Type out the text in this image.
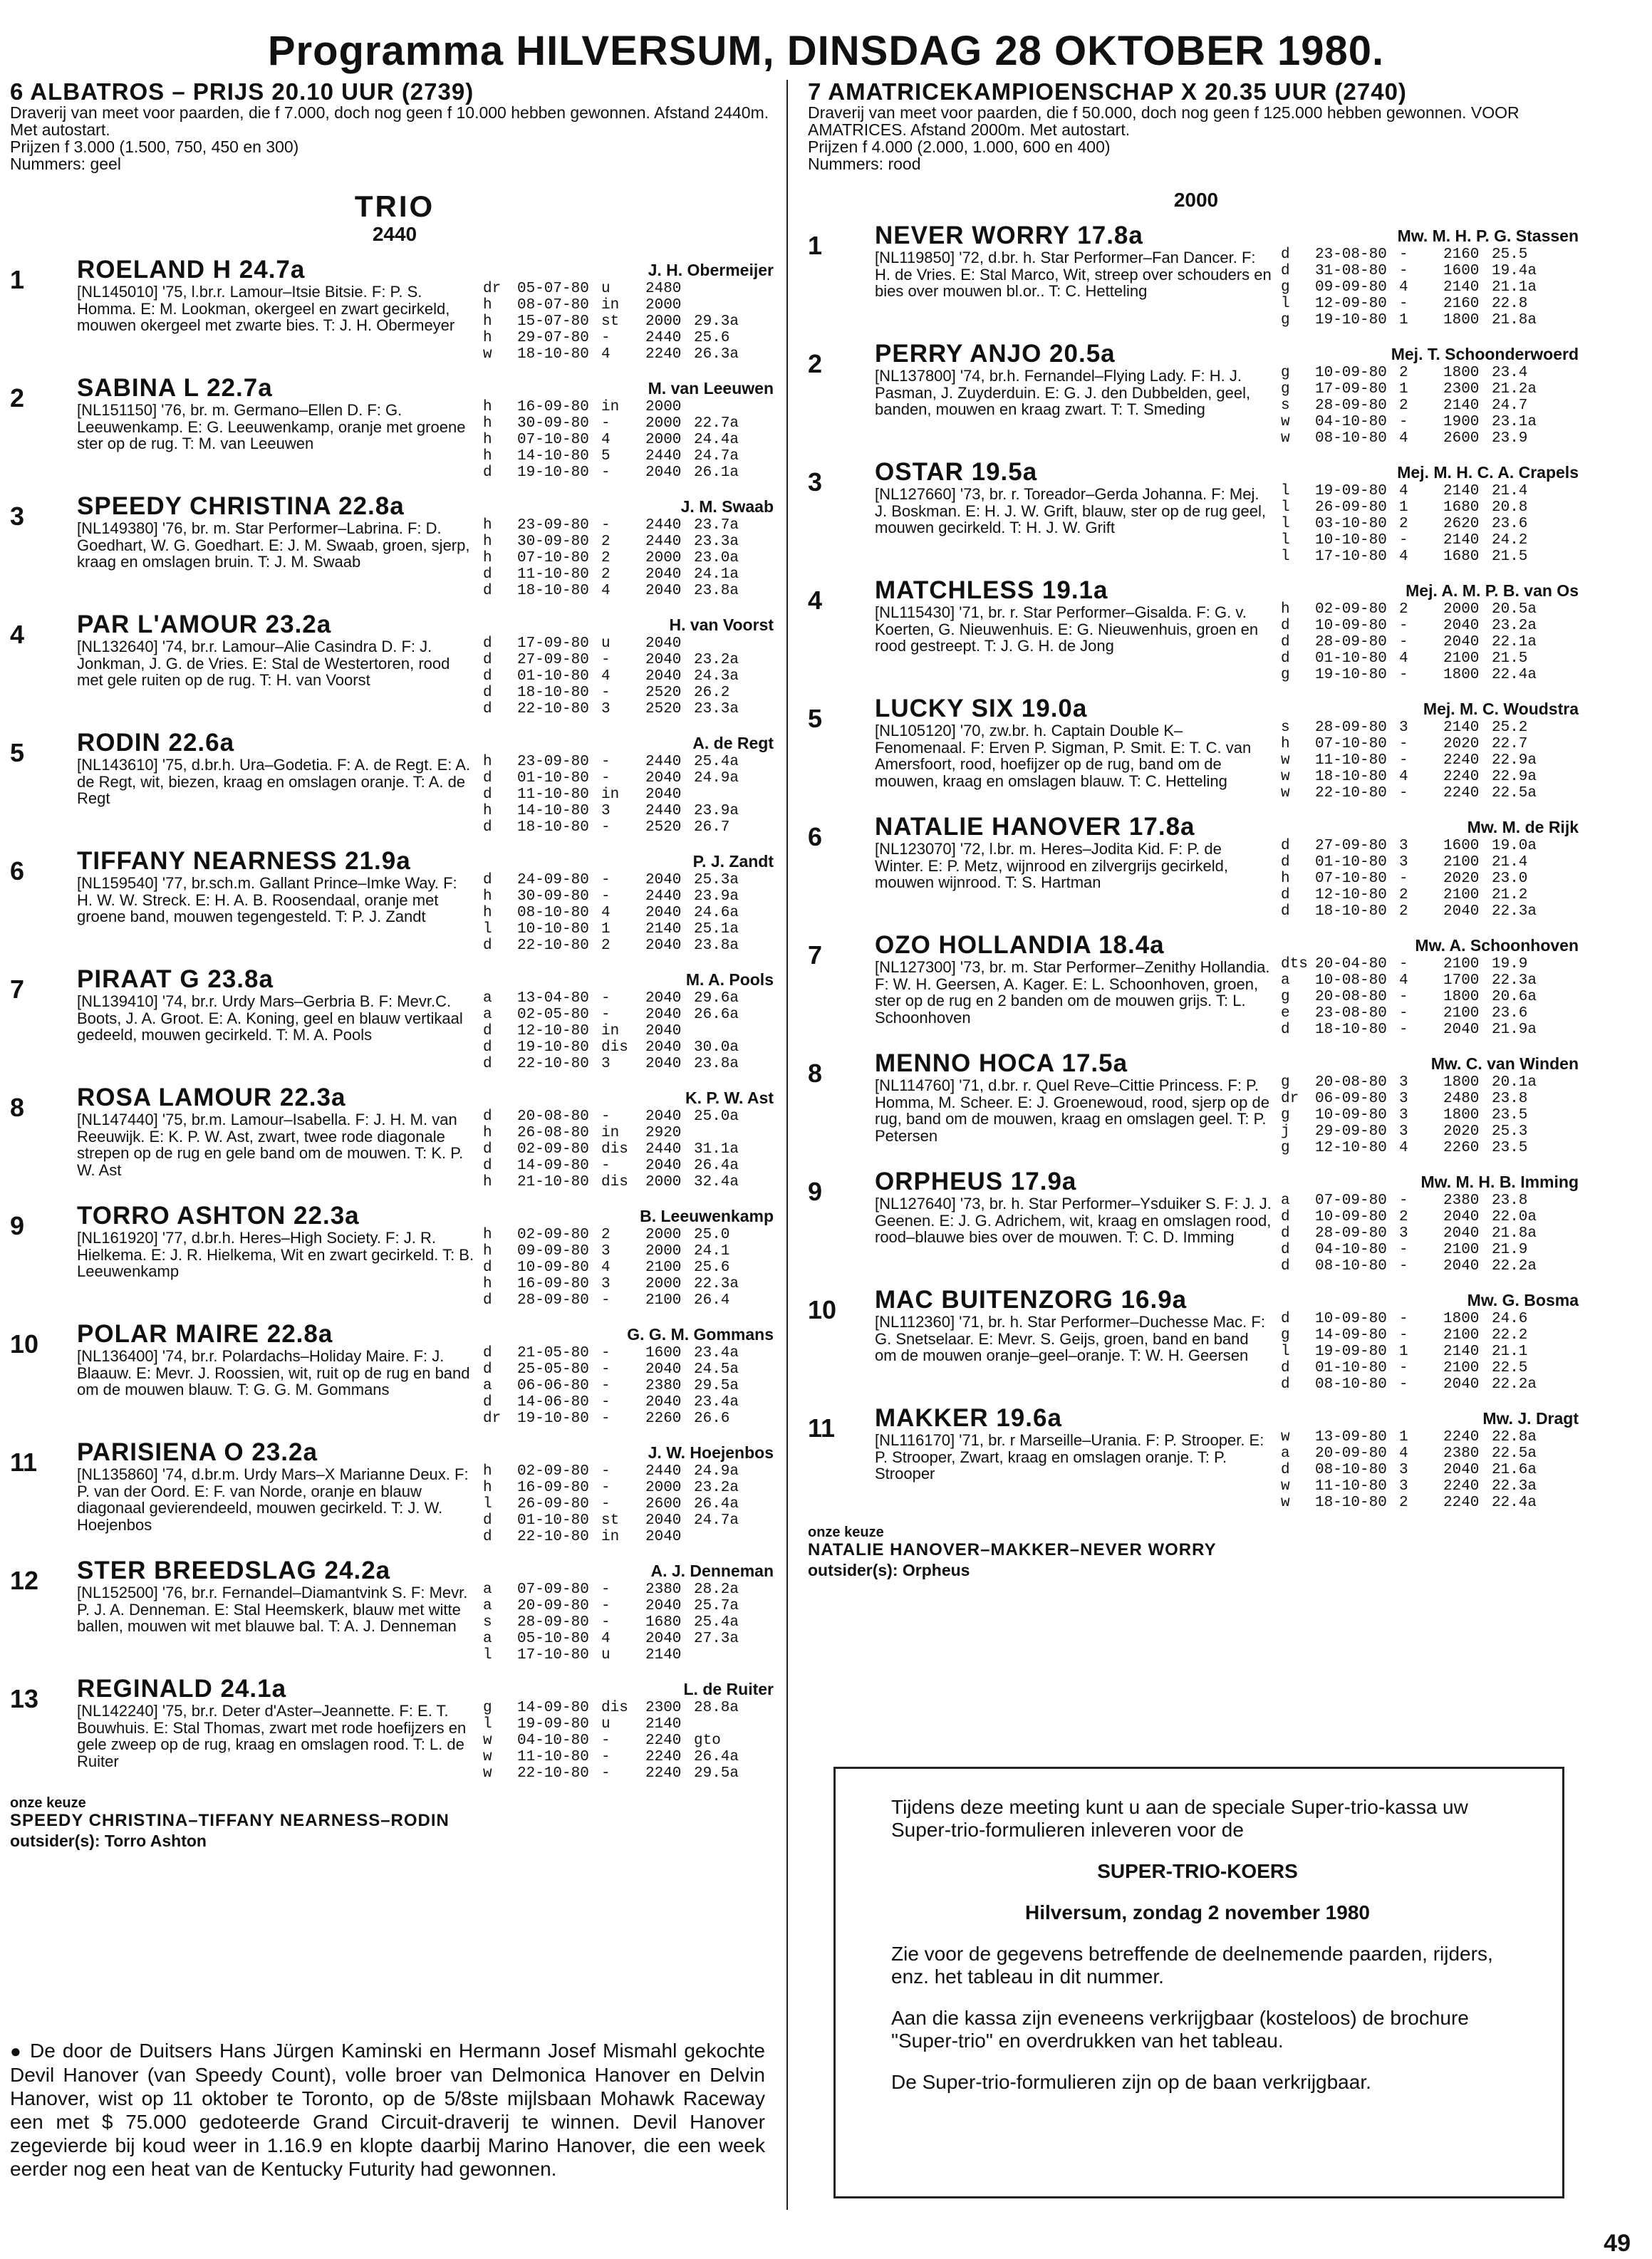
Programma HILVERSUM, DINSDAG 28 OKTOBER 1980.
6 ALBATROS – PRIJS 20.10 UUR (2739)
Draverij van meet voor paarden, die f 7.000, doch nog geen f 10.000 hebben gewonnen. Afstand 2440m. Met autostart.
Prijzen f 3.000 (1.500, 750, 450 en 300)
Nummers: geel
TRIO
2440
1	ROELAND H 24.7a	J. H. Obermeijer
[NL145010] '75, l.br.r. Lamour–Itsie Bitsie. F: P. S. Homma. E: M. Lookman, okergeel en zwart gecirkeld, mouwen okergeel met zwarte bies. T: J. H. Obermeyer
dr 05-07-80 u 2480
h 08-07-80 in 2000
h 15-07-80 st 2000 29.3a
h 29-07-80 - 2440 25.6
w 18-10-80 4 2240 26.3a
2	SABINA L 22.7a	M. van Leeuwen
[NL151150] '76, br. m. Germano–Ellen D. F: G. Leeuwenkamp. E: G. Leeuwenkamp, oranje met groene ster op de rug. T: M. van Leeuwen
h 16-09-80 in 2000
h 30-09-80 - 2000 22.7a
h 07-10-80 4 2000 24.4a
h 14-10-80 5 2440 24.7a
d 19-10-80 - 2040 26.1a
3	SPEEDY CHRISTINA 22.8a	J. M. Swaab
[NL149380] '76, br. m. Star Performer–Labrina. F: D. Goedhart, W. G. Goedhart. E: J. M. Swaab, groen, sjerp, kraag en omslagen bruin. T: J. M. Swaab
h 23-09-80 - 2440 23.7a
h 30-09-80 2 2440 23.3a
h 07-10-80 2 2000 23.0a
d 11-10-80 2 2040 24.1a
d 18-10-80 4 2040 23.8a
4	PAR L'AMOUR 23.2a	H. van Voorst
[NL132640] '74, br.r. Lamour–Alie Casindra D. F: J. Jonkman, J. G. de Vries. E: Stal de Westertoren, rood met gele ruiten op de rug. T: H. van Voorst
d 17-09-80 u 2040
d 27-09-80 - 2040 23.2a
d 01-10-80 4 2040 24.3a
d 18-10-80 - 2520 26.2
d 22-10-80 3 2520 23.3a
5	RODIN 22.6a	A. de Regt
[NL143610] '75, d.br.h. Ura–Godetia. F: A. de Regt. E: A. de Regt, wit, biezen, kraag en omslagen oranje. T: A. de Regt
h 23-09-80 - 2440 25.4a
d 01-10-80 - 2040 24.9a
d 11-10-80 in 2040
h 14-10-80 3 2440 23.9a
d 18-10-80 - 2520 26.7
6	TIFFANY NEARNESS 21.9a	P. J. Zandt
[NL159540] '77, br.sch.m. Gallant Prince–Imke Way. F: H. W. W. Streck. E: H. A. B. Roosendaal, oranje met groene band, mouwen tegengesteld. T: P. J. Zandt
d 24-09-80 - 2040 25.3a
h 30-09-80 - 2440 23.9a
h 08-10-80 4 2040 24.6a
l 10-10-80 1 2140 25.1a
d 22-10-80 2 2040 23.8a
7	PIRAAT G 23.8a	M. A. Pools
[NL139410] '74, br.r. Urdy Mars–Gerbria B. F: Mevr.C. Boots, J. A. Groot. E: A. Koning, geel en blauw vertikaal gedeeld, mouwen gecirkeld. T: M. A. Pools
a 13-04-80 - 2040 29.6a
a 02-05-80 - 2040 26.6a
d 12-10-80 in 2040
d 19-10-80 dis 2040 30.0a
d 22-10-80 3 2040 23.8a
8	ROSA LAMOUR 22.3a	K. P. W. Ast
[NL147440] '75, br.m. Lamour–Isabella. F: J. H. M. van Reeuwijk. E: K. P. W. Ast, zwart, twee rode diagonale strepen op de rug en gele band om de mouwen. T: K. P. W. Ast
d 20-08-80 - 2040 25.0a
h 26-08-80 in 2920
d 02-09-80 dis 2440 31.1a
d 14-09-80 - 2040 26.4a
h 21-10-80 dis 2000 32.4a
9	TORRO ASHTON 22.3a	B. Leeuwenkamp
[NL161920] '77, d.br.h. Heres–High Society. F: J. R. Hielkema. E: J. R. Hielkema, Wit en zwart gecirkeld. T: B. Leeuwenkamp
h 02-09-80 2 2000 25.0
h 09-09-80 3 2000 24.1
d 10-09-80 4 2100 25.6
h 16-09-80 3 2000 22.3a
d 28-09-80 - 2100 26.4
10	POLAR MAIRE 22.8a	G. G. M. Gommans
[NL136400] '74, br.r. Polardachs–Holiday Maire. F: J. Blaauw. E: Mevr. J. Roossien, wit, ruit op de rug en band om de mouwen blauw. T: G. G. M. Gommans
d 21-05-80 - 1600 23.4a
d 25-05-80 - 2040 24.5a
a 06-06-80 - 2380 29.5a
d 14-06-80 - 2040 23.4a
dr 19-10-80 - 2260 26.6
11	PARISIENA O 23.2a	J. W. Hoejenbos
[NL135860] '74, d.br.m. Urdy Mars–X Marianne Deux. F: P. van der Oord. E: F. van Norde, oranje en blauw diagonaal gevierendeeld, mouwen gecirkeld. T: J. W. Hoejenbos
h 02-09-80 - 2440 24.9a
h 16-09-80 - 2000 23.2a
l 26-09-80 - 2600 26.4a
d 01-10-80 st 2040 24.7a
d 22-10-80 in 2040
12	STER BREEDSLAG 24.2a	A. J. Denneman
[NL152500] '76, br.r. Fernandel–Diamantvink S. F: Mevr. P. J. A. Denneman. E: Stal Heemskerk, blauw met witte ballen, mouwen wit met blauwe bal. T: A. J. Denneman
a 07-09-80 - 2380 28.2a
a 20-09-80 - 2040 25.7a
s 28-09-80 - 1680 25.4a
a 05-10-80 4 2040 27.3a
l 17-10-80 u 2140
13	REGINALD 24.1a	L. de Ruiter
[NL142240] '75, br.r. Deter d'Aster–Jeannette. F: E. T. Bouwhuis. E: Stal Thomas, zwart met rode hoefijzers en gele zweep op de rug, kraag en omslagen rood. T: L. de Ruiter
g 14-09-80 dis 2300 28.8a
l 19-09-80 u 2140
w 04-10-80 - 2240 gto
w 11-10-80 - 2240 26.4a
w 22-10-80 - 2240 29.5a
onze keuze
SPEEDY CHRISTINA–TIFFANY NEARNESS–RODIN
outsider(s): Torro Ashton
7 AMATRICEKAMPIOENSCHAP X 20.35 UUR (2740)
Draverij van meet voor paarden, die f 50.000, doch nog geen f 125.000 hebben gewonnen. VOOR AMATRICES. Afstand 2000m. Met autostart.
Prijzen f 4.000 (2.000, 1.000, 600 en 400)
Nummers: rood
2000
1	NEVER WORRY 17.8a	Mw. M. H. P. G. Stassen
[NL119850] '72, d.br. h. Star Performer–Fan Dancer. F: H. de Vries. E: Stal Marco, Wit, streep over schouders en bies over mouwen bl.or.. T: C. Hetteling
d 23-08-80 - 2160 25.5
d 31-08-80 - 1600 19.4a
g 09-09-80 4 2140 21.1a
l 12-09-80 - 2160 22.8
g 19-10-80 1 1800 21.8a
2	PERRY ANJO 20.5a	Mej. T. Schoonderwoerd
[NL137800] '74, br.h. Fernandel–Flying Lady. F: H. J. Pasman, J. Zuyderduin. E: G. J. den Dubbelden, geel, banden, mouwen en kraag zwart. T: T. Smeding
g 10-09-80 2 1800 23.4
g 17-09-80 1 2300 21.2a
s 28-09-80 2 2140 24.7
w 04-10-80 - 1900 23.1a
w 08-10-80 4 2600 23.9
3	OSTAR 19.5a	Mej. M. H. C. A. Crapels
[NL127660] '73, br. r. Toreador–Gerda Johanna. F: Mej. J. Boskman. E: H. J. W. Grift, blauw, ster op de rug geel, mouwen gecirkeld. T: H. J. W. Grift
l 19-09-80 4 2140 21.4
l 26-09-80 1 1680 20.8
l 03-10-80 2 2620 23.6
l 10-10-80 - 2140 24.2
l 17-10-80 4 1680 21.5
4	MATCHLESS 19.1a	Mej. A. M. P. B. van Os
[NL115430] '71, br. r. Star Performer–Gisalda. F: G. v. Koerten, G. Nieuwenhuis. E: G. Nieuwenhuis, groen en rood gestreept. T: J. G. H. de Jong
h 02-09-80 2 2000 20.5a
d 10-09-80 - 2040 23.2a
d 28-09-80 - 2040 22.1a
d 01-10-80 4 2100 21.5
g 19-10-80 - 1800 22.4a
5	LUCKY SIX 19.0a	Mej. M. C. Woudstra
[NL105120] '70, zw.br. h. Captain Double K–Fenomenaal. F: Erven P. Sigman, P. Smit. E: T. C. van Amersfoort, rood, hoefijzer op de rug, band om de mouwen, kraag en omslagen blauw. T: C. Hetteling
s 28-09-80 3 2140 25.2
h 07-10-80 - 2020 22.7
w 11-10-80 - 2240 22.9a
w 18-10-80 4 2240 22.9a
w 22-10-80 - 2240 22.5a
6	NATALIE HANOVER 17.8a	Mw. M. de Rijk
[NL123070] '72, l.br. m. Heres–Jodita Kid. F: P. de Winter. E: P. Metz, wijnrood en zilvergrijs gecirkeld, mouwen wijnrood. T: S. Hartman
d 27-09-80 3 1600 19.0a
d 01-10-80 3 2100 21.4
h 07-10-80 - 2020 23.0
d 12-10-80 2 2100 21.2
d 18-10-80 2 2040 22.3a
7	OZO HOLLANDIA 18.4a	Mw. A. Schoonhoven
[NL127300] '73, br. m. Star Performer–Zenithy Hollandia. F: W. H. Geersen, A. Kager. E: L. Schoonhoven, groen, ster op de rug en 2 banden om de mouwen grijs. T: L. Schoonhoven
dts 20-04-80 - 2100 19.9
a 10-08-80 4 1700 22.3a
g 20-08-80 - 1800 20.6a
e 23-08-80 - 2100 23.6
d 18-10-80 - 2040 21.9a
8	MENNO HOCA 17.5a	Mw. C. van Winden
[NL114760] '71, d.br. r. Quel Reve–Cittie Princess. F: P. Homma, M. Scheer. E: J. Groenewoud, rood, sjerp op de rug, band om de mouwen, kraag en omslagen geel. T: P. Petersen
g 20-08-80 3 1800 20.1a
dr 06-09-80 3 2480 23.8
g 10-09-80 3 1800 23.5
j 29-09-80 3 2020 25.3
g 12-10-80 4 2260 23.5
9	ORPHEUS 17.9a	Mw. M. H. B. Imming
[NL127640] '73, br. h. Star Performer–Ysduiker S. F: J. J. Geenen. E: J. G. Adrichem, wit, kraag en omslagen rood, rood–blauwe bies over de mouwen. T: C. D. Imming
a 07-09-80 - 2380 23.8
d 10-09-80 2 2040 22.0a
d 28-09-80 3 2040 21.8a
d 04-10-80 - 2100 21.9
d 08-10-80 - 2040 22.2a
10	MAC BUITENZORG 16.9a	Mw. G. Bosma
[NL112360] '71, br. h. Star Performer–Duchesse Mac. F: G. Snetselaar. E: Mevr. S. Geijs, groen, band en band om de mouwen oranje–geel–oranje. T: W. H. Geersen
d 10-09-80 - 1800 24.6
g 14-09-80 - 2100 22.2
l 19-09-80 1 2140 21.1
d 01-10-80 - 2100 22.5
d 08-10-80 - 2040 22.2a
11	MAKKER 19.6a	Mw. J. Dragt
[NL116170] '71, br. r Marseille–Urania. F: P. Strooper. E: P. Strooper, Zwart, kraag en omslagen oranje. T: P. Strooper
w 13-09-80 1 2240 22.8a
a 20-09-80 4 2380 22.5a
d 08-10-80 3 2040 21.6a
w 11-10-80 3 2240 22.3a
w 18-10-80 2 2240 22.4a
onze keuze
NATALIE HANOVER–MAKKER–NEVER WORRY
outsider(s): Orpheus

Tijdens deze meeting kunt u aan de speciale Super-trio-kassa uw Super-trio-formulieren inleveren voor de

SUPER-TRIO-KOERS

Hilversum, zondag 2 november 1980

Zie voor de gegevens betreffende de deelnemende paarden, rijders, enz. het tableau in dit nummer.

Aan die kassa zijn eveneens verkrijgbaar (kosteloos) de brochure "Super-trio" en overdrukken van het tableau.

De Super-trio-formulieren zijn op de baan verkrijgbaar.

● De door de Duitsers Hans Jürgen Kaminski en Hermann Josef Mismahl gekochte Devil Hanover (van Speedy Count), volle broer van Delmonica Hanover en Delvin Hanover, wist op 11 oktober te Toronto, op de 5/8ste mijlsbaan Mohawk Raceway een met $ 75.000 gedoteerde Grand Circuit-draverij te winnen. Devil Hanover zegevierde bij koud weer in 1.16.9 en klopte daarbij Marino Hanover, die een week eerder nog een heat van de Kentucky Futurity had gewonnen.
49
